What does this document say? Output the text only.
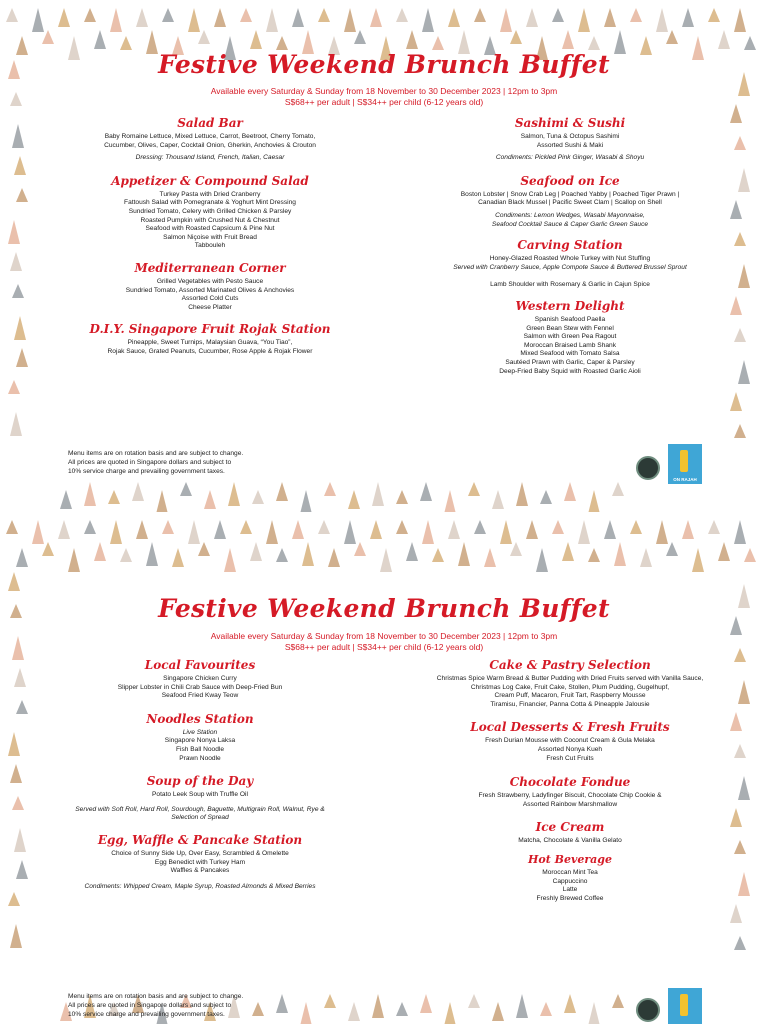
Festive Weekend Brunch Buffet
Available every Saturday & Sunday from 18 November to 30 December 2023 | 12pm to 3pm
S$68++ per adult | S$34++ per child (6-12 years old)
Salad Bar
Baby Romaine Lettuce, Mixed Lettuce, Carrot, Beetroot, Cherry Tomato,
Cucumber, Olives, Caper, Cocktail Onion, Gherkin, Anchovies & Crouton
Dressing: Thousand Island, French, Italian, Caesar
Appetizer & Compound Salad
Turkey Pasta with Dried Cranberry
Fattoush Salad with Pomegranate & Yoghurt Mint Dressing
Sundried Tomato, Celery with Grilled Chicken & Parsley
Roasted Pumpkin with Crushed Nut & Chestnut
Seafood with Roasted Capsicum & Pine Nut
Salmon Niçoise with Fruit Bread
Tabbouleh
Mediterranean Corner
Grilled Vegetables with Pesto Sauce
Sundried Tomato, Assorted Marinated Olives & Anchovies
Assorted Cold Cuts
Cheese Platter
D.I.Y. Singapore Fruit Rojak Station
Pineapple, Sweet Turnips, Malaysian Guava, “You Tiao”,
Rojak Sauce, Grated Peanuts, Cucumber, Rose Apple & Rojak Flower
Sashimi & Sushi
Salmon, Tuna & Octopus Sashimi
Assorted Sushi & Maki
Condiments: Pickled Pink Ginger, Wasabi & Shoyu
Seafood on Ice
Boston Lobster | Snow Crab Leg | Poached Yabby | Poached Tiger Prawn |
Canadian Black Mussel | Pacific Sweet Clam | Scallop on Shell
Condiments: Lemon Wedges, Wasabi Mayonnaise,
Seafood Cocktail Sauce & Caper Garlic Green Sauce
Carving Station
Honey-Glazed Roasted Whole Turkey with Nut Stuffing
Served with Cranberry Sauce, Apple Compote Sauce & Buttered Brussel Sprout
Lamb Shoulder with Rosemary & Garlic in Cajun Spice
Western Delight
Spanish Seafood Paella
Green Bean Stew with Fennel
Salmon with Green Pea Ragout
Moroccan Braised Lamb Shank
Mixed Seafood with Tomato Salsa
Sautéed Prawn with Garlic, Caper & Parsley
Deep-Fried Baby Squid with Roasted Garlic Aioli
Menu items are on rotation basis and are subject to change.
All prices are quoted in Singapore dollars and subject to
10% service charge and prevailing government taxes.
ON RAJAH
Festive Weekend Brunch Buffet
Available every Saturday & Sunday from 18 November to 30 December 2023 | 12pm to 3pm
S$68++ per adult | S$34++ per child (6-12 years old)
Local Favourites
Singapore Chicken Curry
Slipper Lobster in Chili Crab Sauce with Deep-Fried Bun
Seafood Fried Kway Teow
Noodles Station
Live Station
Singapore Nonya Laksa
Fish Ball Noodle
Prawn Noodle
Soup of the Day
Potato Leek Soup with Truffle Oil
Served with Soft Roll, Hard Roll, Sourdough, Baguette, Multigrain Roll, Walnut, Rye &
Selection of Spread
Egg, Waffle & Pancake Station
Choice of Sunny Side Up, Over Easy, Scrambled & Omelette
Egg Benedict with Turkey Ham
Waffles & Pancakes
Condiments: Whipped Cream, Maple Syrup, Roasted Almonds & Mixed Berries
Cake & Pastry Selection
Christmas Spice Warm Bread & Butter Pudding with Dried Fruits served with Vanilla Sauce,
Christmas Log Cake, Fruit Cake, Stollen, Plum Pudding, Gugelhupf,
Cream Puff, Macaron, Fruit Tart, Raspberry Mousse
Tiramisu, Financier, Panna Cotta & Pineapple Jalousie
Local Desserts & Fresh Fruits
Fresh Durian Mousse with Coconut Cream & Gula Melaka
Assorted Nonya Kueh
Fresh Cut Fruits
Chocolate Fondue
Fresh Strawberry, Ladyfinger Biscuit, Chocolate Chip Cookie &
Assorted Rainbow Marshmallow
Ice Cream
Matcha, Chocolate & Vanilla Gelato
Hot Beverage
Moroccan Mint Tea
Cappuccino
Latte
Freshly Brewed Coffee
Menu items are on rotation basis and are subject to change.
All prices are quoted in Singapore dollars and subject to
10% service charge and prevailing government taxes.
